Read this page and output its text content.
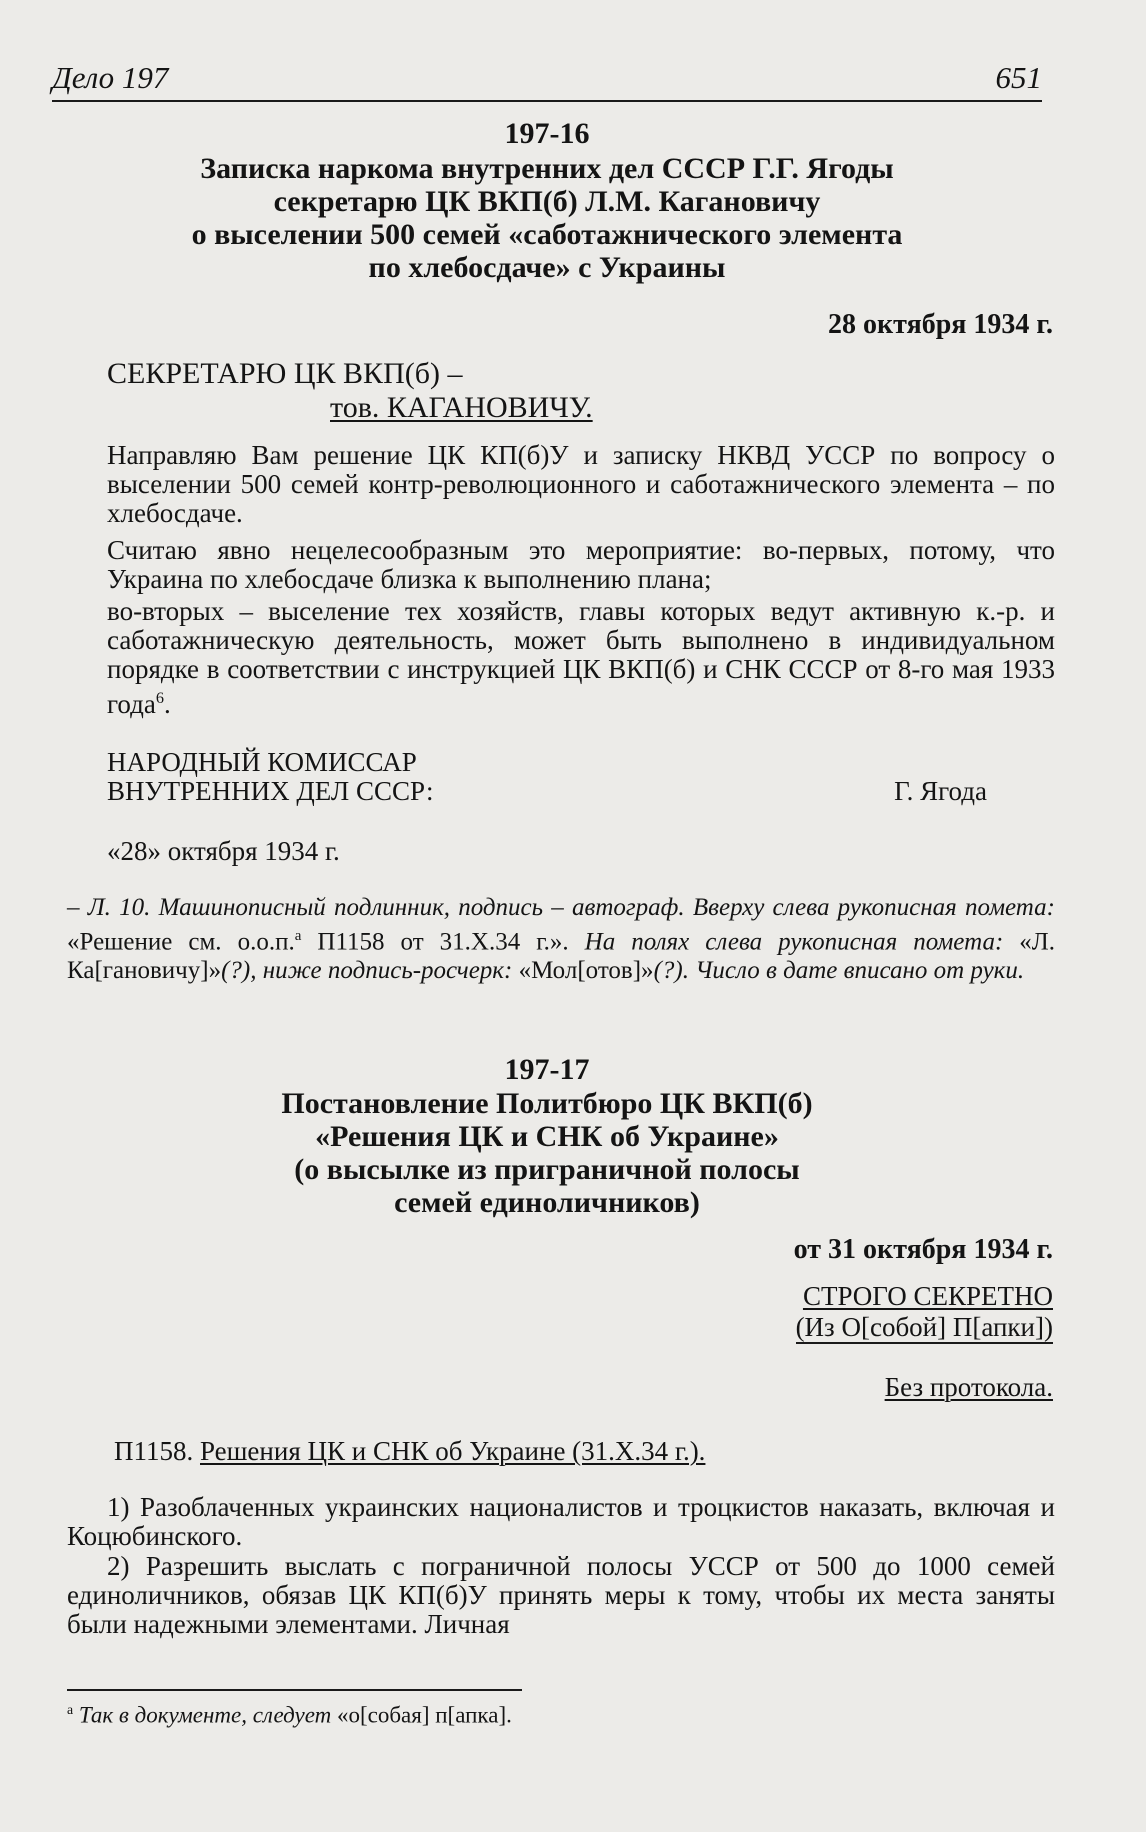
Дело 197	651
197-16
Записка наркома внутренних дел СССР Г.Г. Ягоды
секретарю ЦК ВКП(б) Л.М. Кагановичу
о выселении 500 семей «саботажнического элемента
по хлебосдаче» с Украины
28 октября 1934 г.
СЕКРЕТАРЮ ЦК ВКП(б) –
тов. КАГАНОВИЧУ.
Направляю Вам решение ЦК КП(б)У и записку НКВД УССР по вопросу о выселении 500 семей контр-революционного и саботажнического элемента – по хлебосдаче.
Считаю явно нецелесообразным это мероприятие: во-первых, потому, что Украина по хлебосдаче близка к выполнению плана;
во-вторых – выселение тех хозяйств, главы которых ведут активную к.-р. и саботажническую деятельность, может быть выполнено в индивидуальном порядке в соответствии с инструкцией ЦК ВКП(б) и СНК СССР от 8-го мая 1933 года$^6$.
НАРОДНЫЙ КОМИССАР
ВНУТРЕННИХ ДЕЛ СССР:	Г. Ягода
«28» октября 1934 г.
– Л. 10. Машинописный подлинник, подпись – автограф. Вверху слева рукописная помета: «Решение см. о.о.п.$^а$ П1158 от 31.X.34 г.». На полях слева рукописная помета: «Л. Ка[гановичу]»(?), ниже подпись-росчерк: «Мол[отов]»(?). Число в дате вписано от руки.
197-17
Постановление Политбюро ЦК ВКП(б)
«Решения ЦК и СНК об Украине»
(о высылке из приграничной полосы
семей единоличников)
от 31 октября 1934 г.
СТРОГО СЕКРЕТНО
(Из О[собой] П[апки])
Без протокола.
П1158. Решения ЦК и СНК об Украине (31.X.34 г.).
1) Разоблаченных украинских националистов и троцкистов наказать, включая и Коцюбинского.
2) Разрешить выслать с пограничной полосы УССР от 500 до 1000 семей единоличников, обязав ЦК КП(б)У принять меры к тому, чтобы их места заняты были надежными элементами. Личная
$^а$ Так в документе, следует «о[собая] п[апка].
